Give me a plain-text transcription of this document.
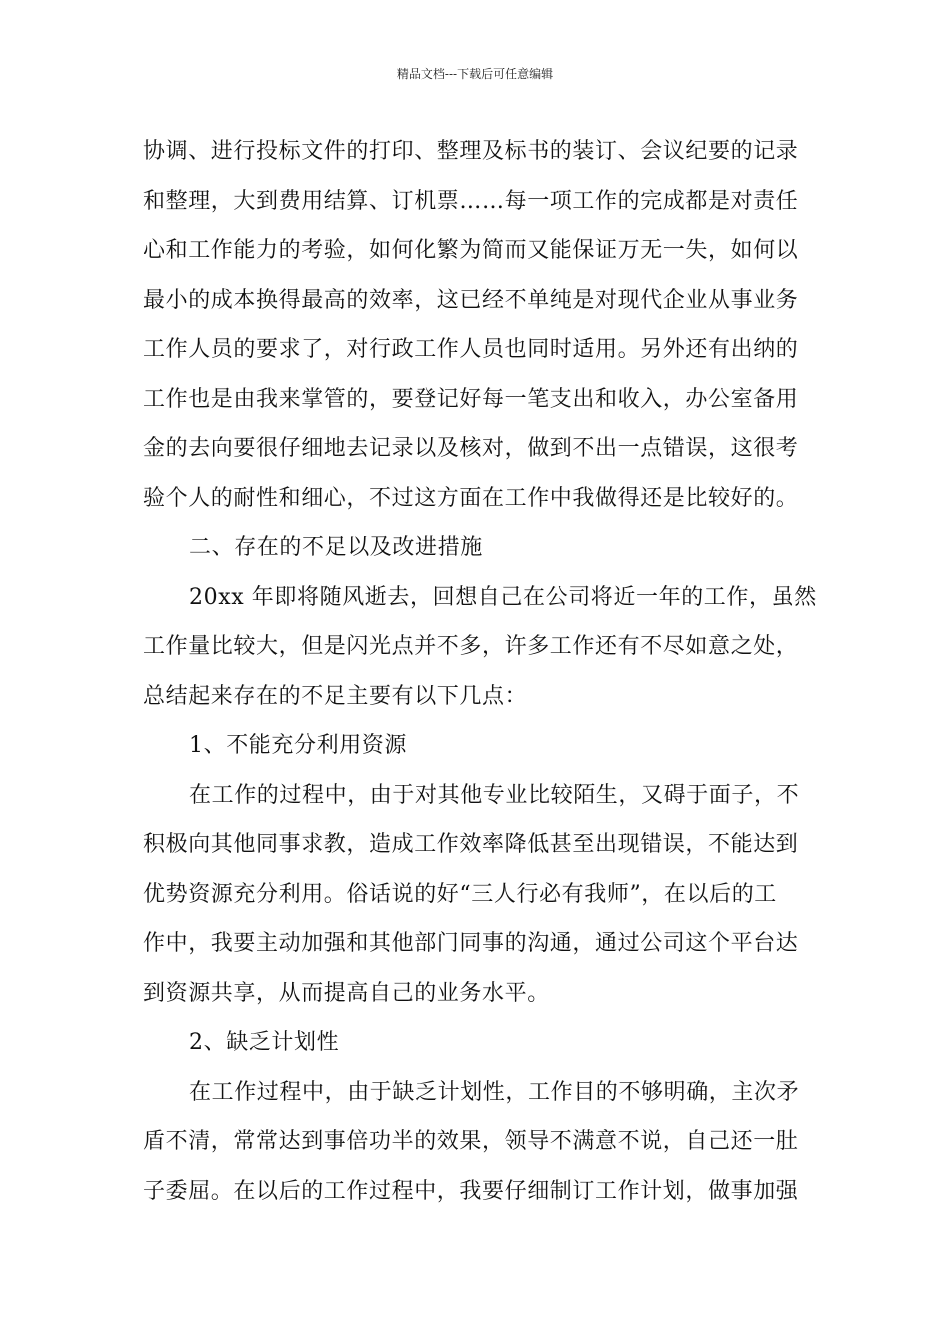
精品文档---下载后可任意编辑
协调、进行投标文件的打印、整理及标书的装订、会议纪要的记录
和整理，大到费用结算、订机票……每一项工作的完成都是对责任
心和工作能力的考验，如何化繁为简而又能保证万无一失，如何以
最小的成本换得最高的效率，这已经不单纯是对现代企业从事业务
工作人员的要求了，对行政工作人员也同时适用。另外还有出纳的
工作也是由我来掌管的，要登记好每一笔支出和收入，办公室备用
金的去向要很仔细地去记录以及核对，做到不出一点错误，这很考
验个人的耐性和细心，不过这方面在工作中我做得还是比较好的。
二、存在的不足以及改进措施
20xx 年即将随风逝去，回想自己在公司将近一年的工作，虽然
工作量比较大，但是闪光点并不多，许多工作还有不尽如意之处，
总结起来存在的不足主要有以下几点：
1、不能充分利用资源
在工作的过程中，由于对其他专业比较陌生，又碍于面子，不
积极向其他同事求教，造成工作效率降低甚至出现错误，不能达到
优势资源充分利用。俗话说的好“三人行必有我师”，在以后的工
作中，我要主动加强和其他部门同事的沟通，通过公司这个平台达
到资源共享，从而提高自己的业务水平。
2、缺乏计划性
在工作过程中，由于缺乏计划性，工作目的不够明确，主次矛
盾不清，常常达到事倍功半的效果，领导不满意不说，自己还一肚
子委屈。在以后的工作过程中，我要仔细制订工作计划，做事加强
